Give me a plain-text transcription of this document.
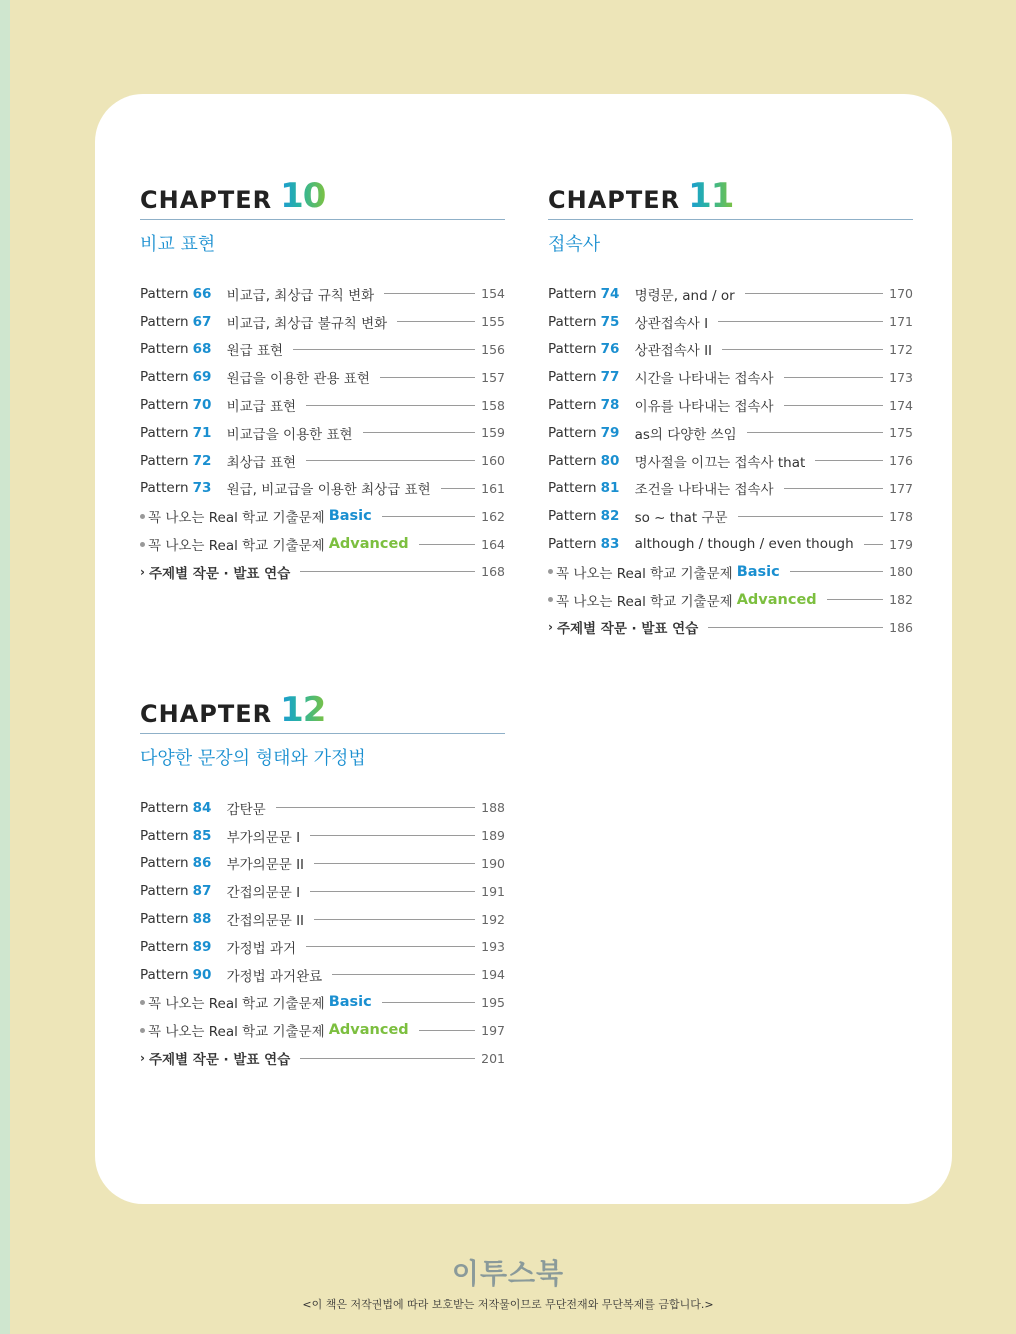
CHAPTER 10
비교 표현
Pattern 66	비교급, 최상급 규칙 변화	154
Pattern 67	비교급, 최상급 불규칙 변화	155
Pattern 68	원급 표현	156
Pattern 69	원급을 이용한 관용 표현	157
Pattern 70	비교급 표현	158
Pattern 71	비교급을 이용한 표현	159
Pattern 72	최상급 표현	160
Pattern 73	원급, 비교급을 이용한 최상급 표현	161
꼭 나오는 Real 학교 기출문제 Basic	162
꼭 나오는 Real 학교 기출문제 Advanced	164
› 주제별 작문 · 발표 연습	168
CHAPTER 11
접속사
Pattern 74	명령문, and / or	170
Pattern 75	상관접속사 I	171
Pattern 76	상관접속사 II	172
Pattern 77	시간을 나타내는 접속사	173
Pattern 78	이유를 나타내는 접속사	174
Pattern 79	as의 다양한 쓰임	175
Pattern 80	명사절을 이끄는 접속사 that	176
Pattern 81	조건을 나타내는 접속사	177
Pattern 82	so ~ that 구문	178
Pattern 83	although / though / even though	179
꼭 나오는 Real 학교 기출문제 Basic	180
꼭 나오는 Real 학교 기출문제 Advanced	182
› 주제별 작문 · 발표 연습	186
CHAPTER 12
다양한 문장의 형태와 가정법
Pattern 84	감탄문	188
Pattern 85	부가의문문 I	189
Pattern 86	부가의문문 II	190
Pattern 87	간접의문문 I	191
Pattern 88	간접의문문 II	192
Pattern 89	가정법 과거	193
Pattern 90	가정법 과거완료	194
꼭 나오는 Real 학교 기출문제 Basic	195
꼭 나오는 Real 학교 기출문제 Advanced	197
› 주제별 작문 · 발표 연습	201
이투스북
<이 책은 저작권법에 따라 보호받는 저작물이므로 무단전재와 무단복제를 금합니다.>
